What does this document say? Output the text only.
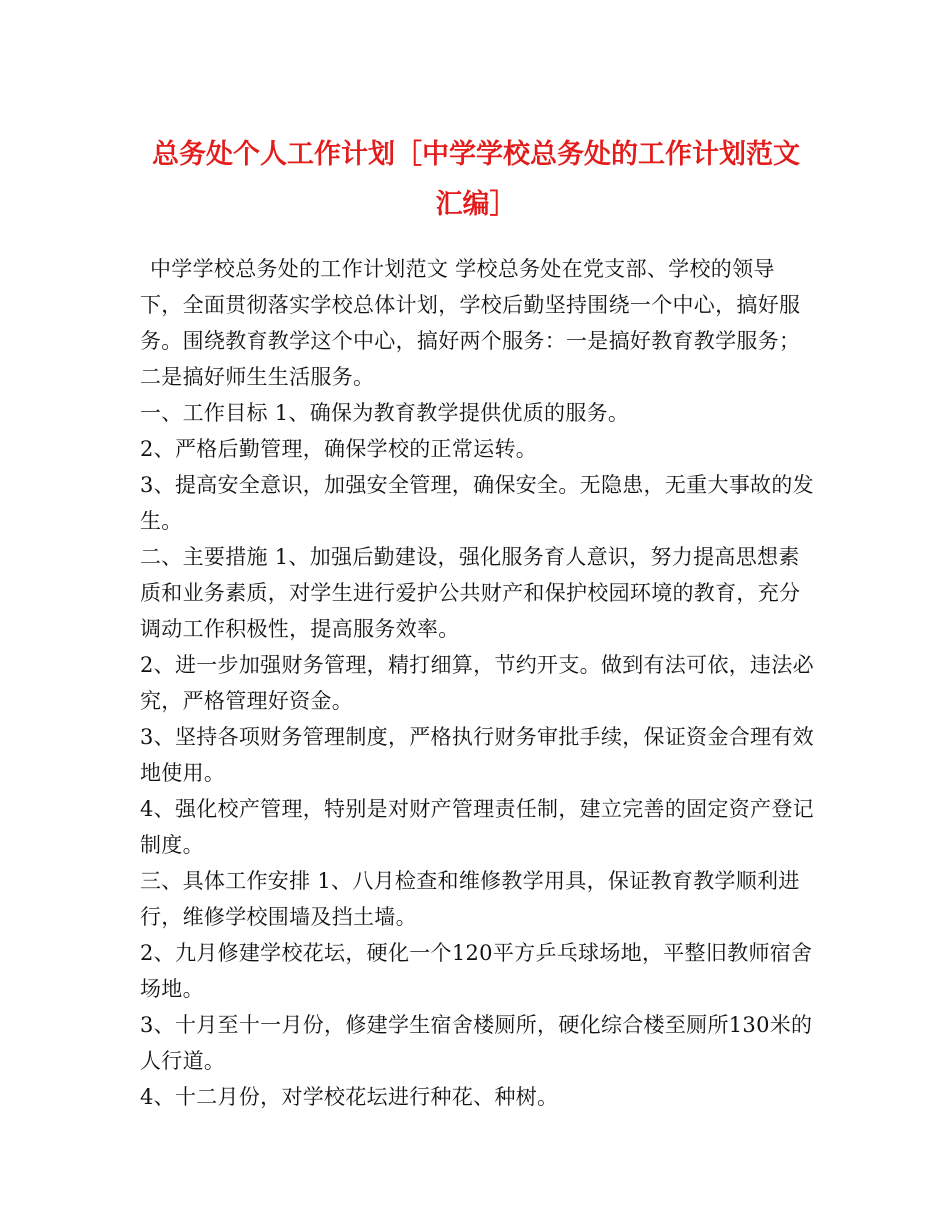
总务处个人工作计划［中学学校总务处的工作计划范文汇编］

中学学校总务处的工作计划范文 学校总务处在党支部、学校的领导下，全面贯彻落实学校总体计划，学校后勤坚持围绕一个中心，搞好服务。围绕教育教学这个中心，搞好两个服务：一是搞好教育教学服务；二是搞好师生生活服务。

一、工作目标 1、确保为教育教学提供优质的服务。

2、严格后勤管理，确保学校的正常运转。

3、提高安全意识，加强安全管理，确保安全。无隐患，无重大事故的发生。

二、主要措施 1、加强后勤建设，强化服务育人意识，努力提高思想素质和业务素质，对学生进行爱护公共财产和保护校园环境的教育，充分调动工作积极性，提高服务效率。

2、进一步加强财务管理，精打细算，节约开支。做到有法可依，违法必究，严格管理好资金。

3、坚持各项财务管理制度，严格执行财务审批手续，保证资金合理有效地使用。

4、强化校产管理，特别是对财产管理责任制，建立完善的固定资产登记制度。

三、具体工作安排 1、八月检查和维修教学用具，保证教育教学顺利进行，维修学校围墙及挡土墙。

2、九月修建学校花坛，硬化一个120平方乒乓球场地，平整旧教师宿舍场地。

3、十月至十一月份，修建学生宿舍楼厕所，硬化综合楼至厕所130米的人行道。

4、十二月份，对学校花坛进行种花、种树。
